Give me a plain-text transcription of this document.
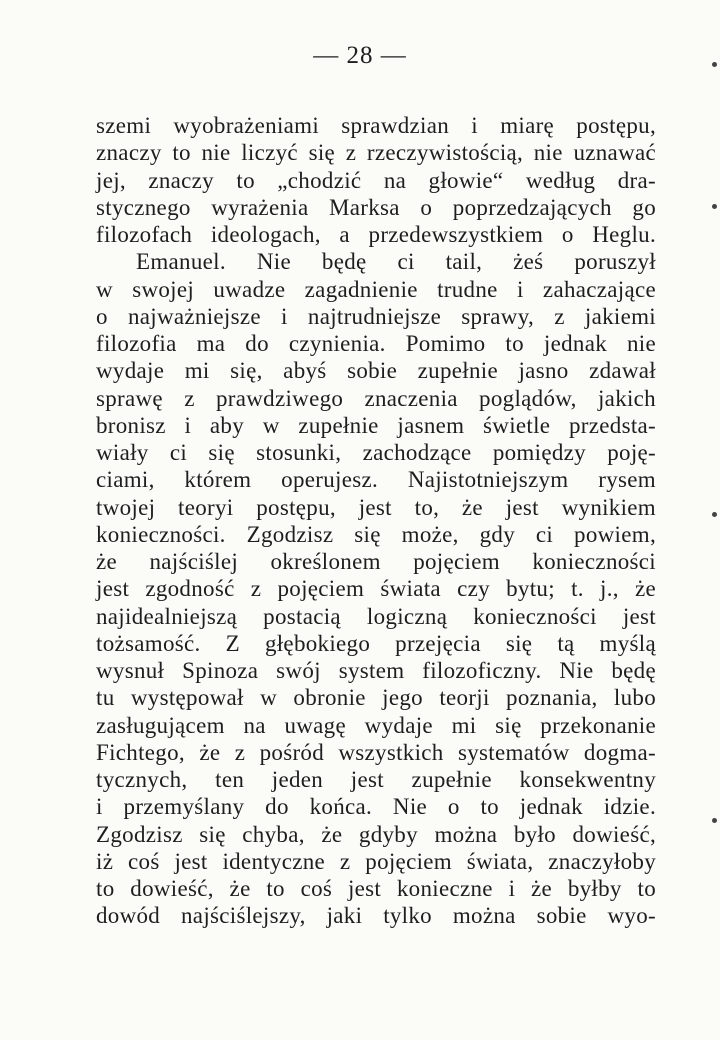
— 28 —
szemi wyobrażeniami sprawdzian i miarę postępu,
znaczy to nie liczyć się z rzeczywistością, nie uznawać
jej, znaczy to „chodzić na głowie“ według dra-
stycznego wyrażenia Marksa o poprzedzających go
filozofach ideologach, a przedewszystkiem o Heglu.
Emanuel. Nie będę ci tail, żeś poruszył
w swojej uwadze zagadnienie trudne i zahaczające
o najważniejsze i najtrudniejsze sprawy, z jakiemi
filozofia ma do czynienia. Pomimo to jednak nie
wydaje mi się, abyś sobie zupełnie jasno zdawał
sprawę z prawdziwego znaczenia poglądów, jakich
bronisz i aby w zupełnie jasnem świetle przedsta-
wiały ci się stosunki, zachodzące pomiędzy poję-
ciami, którem operujesz. Najistotniejszym rysem
twojej teoryi postępu, jest to, że jest wynikiem
konieczności. Zgodzisz się może, gdy ci powiem,
że najściślej określonem pojęciem konieczności
jest zgodność z pojęciem świata czy bytu; t. j., że
najidealniejszą postacią logiczną konieczności jest
tożsamość. Z głębokiego przejęcia się tą myślą
wysnuł Spinoza swój system filozoficzny. Nie będę
tu występował w obronie jego teorji poznania, lubo
zasługującem na uwagę wydaje mi się przekonanie
Fichtego, że z pośród wszystkich systematów dogma-
tycznych, ten jeden jest zupełnie konsekwentny
i przemyślany do końca. Nie o to jednak idzie.
Zgodzisz się chyba, że gdyby można było dowieść,
iż coś jest identyczne z pojęciem świata, znaczyłoby
to dowieść, że to coś jest konieczne i że byłby to
dowód najściślejszy, jaki tylko można sobie wyo-
